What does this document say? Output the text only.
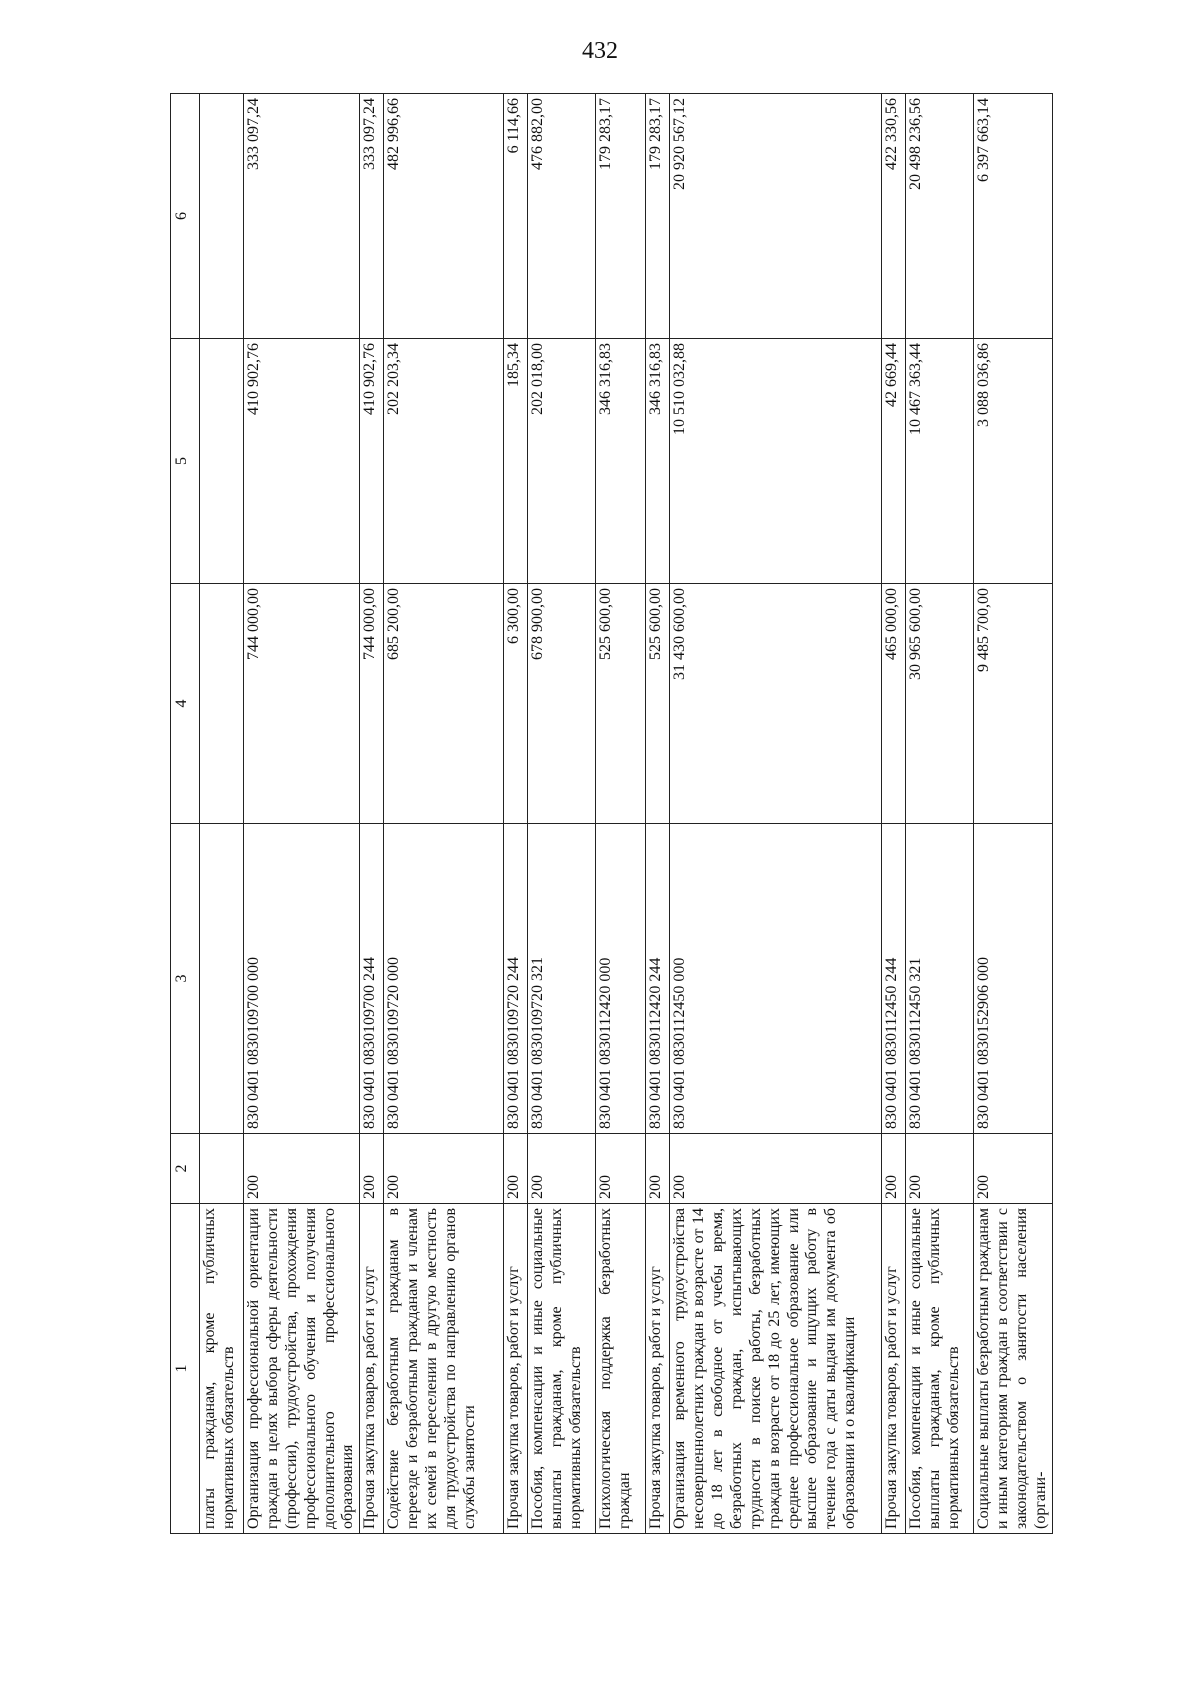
432
1	2	3	4	5	6
платы гражданам, кроме публичных нормативных обязательств					
Организация профессиональной ориентации граждан в целях выбора сферы деятельности (профессии), трудоустройства, прохождения профессионального обучения и получения дополнительного профессионального образования	200	830 0401 0830109700 000	744 000,00	410 902,76	333 097,24
Прочая закупка товаров, работ и услуг	200	830 0401 0830109700 244	744 000,00	410 902,76	333 097,24
Содействие безработным гражданам в переезде и безработным гражданам и членам их семей в переселении в другую местность для трудоустройства по направлению органов службы занятости	200	830 0401 0830109720 000	685 200,00	202 203,34	482 996,66
Прочая закупка товаров, работ и услуг	200	830 0401 0830109720 244	6 300,00	185,34	6 114,66
Пособия, компенсации и иные социальные выплаты гражданам, кроме публичных нормативных обязательств	200	830 0401 0830109720 321	678 900,00	202 018,00	476 882,00
Психологическая поддержка безработных граждан	200	830 0401 0830112420 000	525 600,00	346 316,83	179 283,17
Прочая закупка товаров, работ и услуг	200	830 0401 0830112420 244	525 600,00	346 316,83	179 283,17
Организация временного трудоустройства несовершеннолетних граждан в возрасте от 14 до 18 лет в свободное от учебы время, безработных граждан, испытывающих трудности в поиске работы, безработных граждан в возрасте от 18 до 25 лет, имеющих среднее профессиональное образование или высшее образование и ищущих работу в течение года с даты выдачи им документа об образовании и о квалификации	200	830 0401 0830112450 000	31 430 600,00	10 510 032,88	20 920 567,12
Прочая закупка товаров, работ и услуг	200	830 0401 0830112450 244	465 000,00	42 669,44	422 330,56
Пособия, компенсации и иные социальные выплаты гражданам, кроме публичных нормативных обязательств	200	830 0401 0830112450 321	30 965 600,00	10 467 363,44	20 498 236,56
Социальные выплаты безработным гражданам и иным категориям граждан в соответствии с законодательством о занятости населения (органи-	200	830 0401 0830152906 000	9 485 700,00	3 088 036,86	6 397 663,14
